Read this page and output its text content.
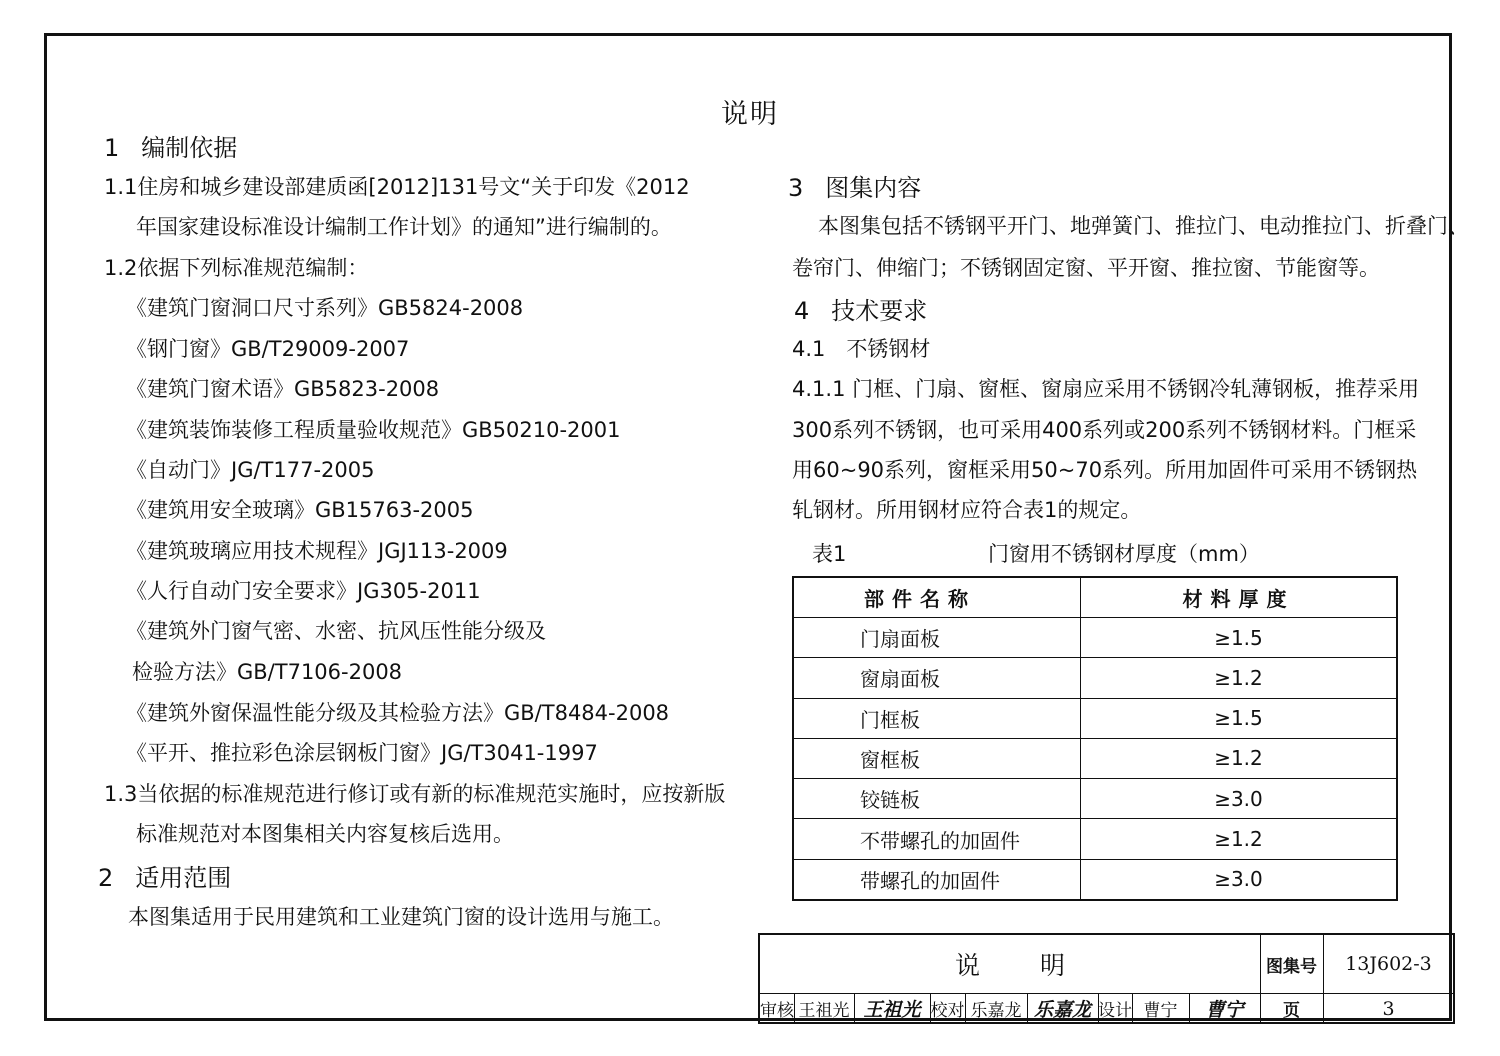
说明
1 编制依据
1.1住房和城乡建设部建质函[2012]131号文“关于印发《2012
年国家建设标准设计编制工作计划》的通知”进行编制的。
1.2依据下列标准规范编制：
《建筑门窗洞口尺寸系列》GB5824-2008
《钢门窗》GB/T29009-2007
《建筑门窗术语》GB5823-2008
《建筑装饰装修工程质量验收规范》GB50210-2001
《自动门》JG/T177-2005
《建筑用安全玻璃》GB15763-2005
《建筑玻璃应用技术规程》JGJ113-2009
《人行自动门安全要求》JG305-2011
《建筑外门窗气密、水密、抗风压性能分级及
检验方法》GB/T7106-2008
《建筑外窗保温性能分级及其检验方法》GB/T8484-2008
《平开、推拉彩色涂层钢板门窗》JG/T3041-1997
1.3当依据的标准规范进行修订或有新的标准规范实施时，应按新版
标准规范对本图集相关内容复核后选用。
2 适用范围
本图集适用于民用建筑和工业建筑门窗的设计选用与施工。
3 图集内容
本图集包括不锈钢平开门、地弹簧门、推拉门、电动推拉门、折叠门、
卷帘门、伸缩门；不锈钢固定窗、平开窗、推拉窗、节能窗等。
4 技术要求
4.1　不锈钢材
4.1.1 门框、门扇、窗框、窗扇应采用不锈钢冷轧薄钢板，推荐采用
300系列不锈钢，也可采用400系列或200系列不锈钢材料。门框采
用60~90系列，窗框采用50~70系列。所用加固件可采用不锈钢热
轧钢材。所用钢材应符合表1的规定。
表1	门窗用不锈钢材厚度（mm）
部件名称	材料厚度
门扇面板	≥1.5
窗扇面板	≥1.2
门框板	≥1.5
窗框板	≥1.2
铰链板	≥3.0
不带螺孔的加固件	≥1.2
带螺孔的加固件	≥3.0
说明	图集号	13J602-3
审核 王祖光 王祖光 校对 乐嘉龙 乐嘉龙 设计 曹宁	曹宁	页	3
